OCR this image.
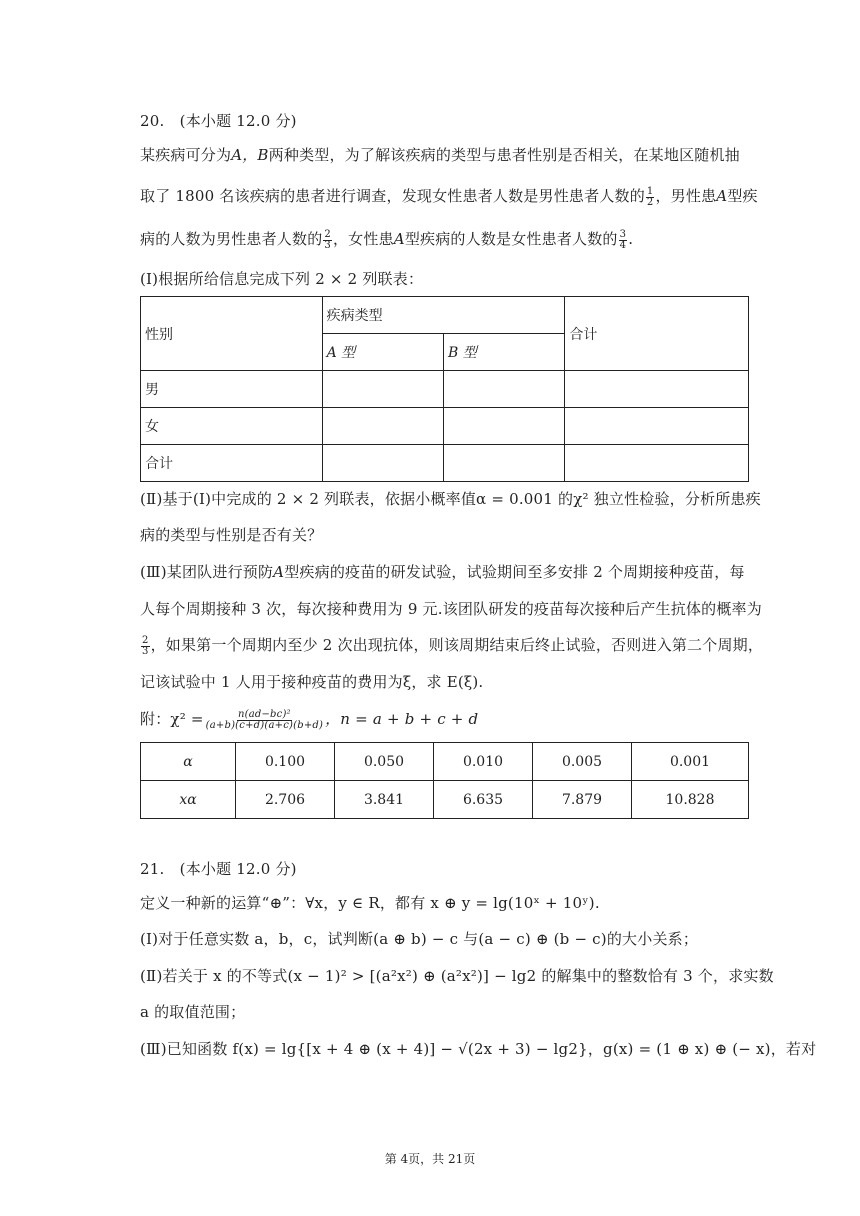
20.　(本小题 12.0 分)
某疾病可分为A，B两种类型，为了解该疾病的类型与患者性别是否相关，在某地区随机抽
取了 1800 名该疾病的患者进行调查，发现女性患者人数是男性患者人数的 $\frac{1}{2}$ ，男性患A型疾
病的人数为男性患者人数的 $\frac{2}{3}$ ，女性患A型疾病的人数是女性患者人数的 $\frac{3}{4}$ .
(Ⅰ)根据所给信息完成下列 2 × 2 列联表：
性别	疾病类型		合计
	A 型	B 型	
男			
女			
合计			
(Ⅱ)基于(Ⅰ)中完成的 2 × 2 列联表，依据小概率值α = 0.001 的χ² 独立性检验，分析所患疾
病的类型与性别是否有关？
(Ⅲ)某团队进行预防A型疾病的疫苗的研发试验，试验期间至多安排 2 个周期接种疫苗，每
人每个周期接种 3 次，每次接种费用为 9 元.该团队研发的疫苗每次接种后产生抗体的概率为
$\frac{2}{3}$ ，如果第一个周期内至少 2 次出现抗体，则该周期结束后终止试验，否则进入第二个周期，
记该试验中 1 人用于接种疫苗的费用为ξ，求 E(ξ).
附：$\chi^2 = \frac{\text{n(ad−bc)²}}{(a+b)(c+d)(a+c)(b+d)}$ ，n = a + b + c + d
α	0.100	0.050	0.010	0.005	0.001
xα	2.706	3.841	6.635	7.879	10.828
21.　(本小题 12.0 分)
定义一种新的运算“⊕”：∀x，y ∈ R，都有 x ⊕ y = lg(10ˣ + 10ʸ).
(Ⅰ)对于任意实数 a，b，c，试判断(a ⊕ b) − c 与(a − c) ⊕ (b − c)的大小关系；
(Ⅱ)若关于 x 的不等式(x − 1)² > [(a²x²) ⊕ (a²x²)] − lg2 的解集中的整数恰有 3 个，求实数
a 的取值范围；
(Ⅲ)已知函数 f(x) = lg{[x + 4 ⊕ (x + 4)] − √(2x + 3) − lg2}，g(x) = (1 ⊕ x) ⊕ (− x)，若对
第 4页，共 21页
